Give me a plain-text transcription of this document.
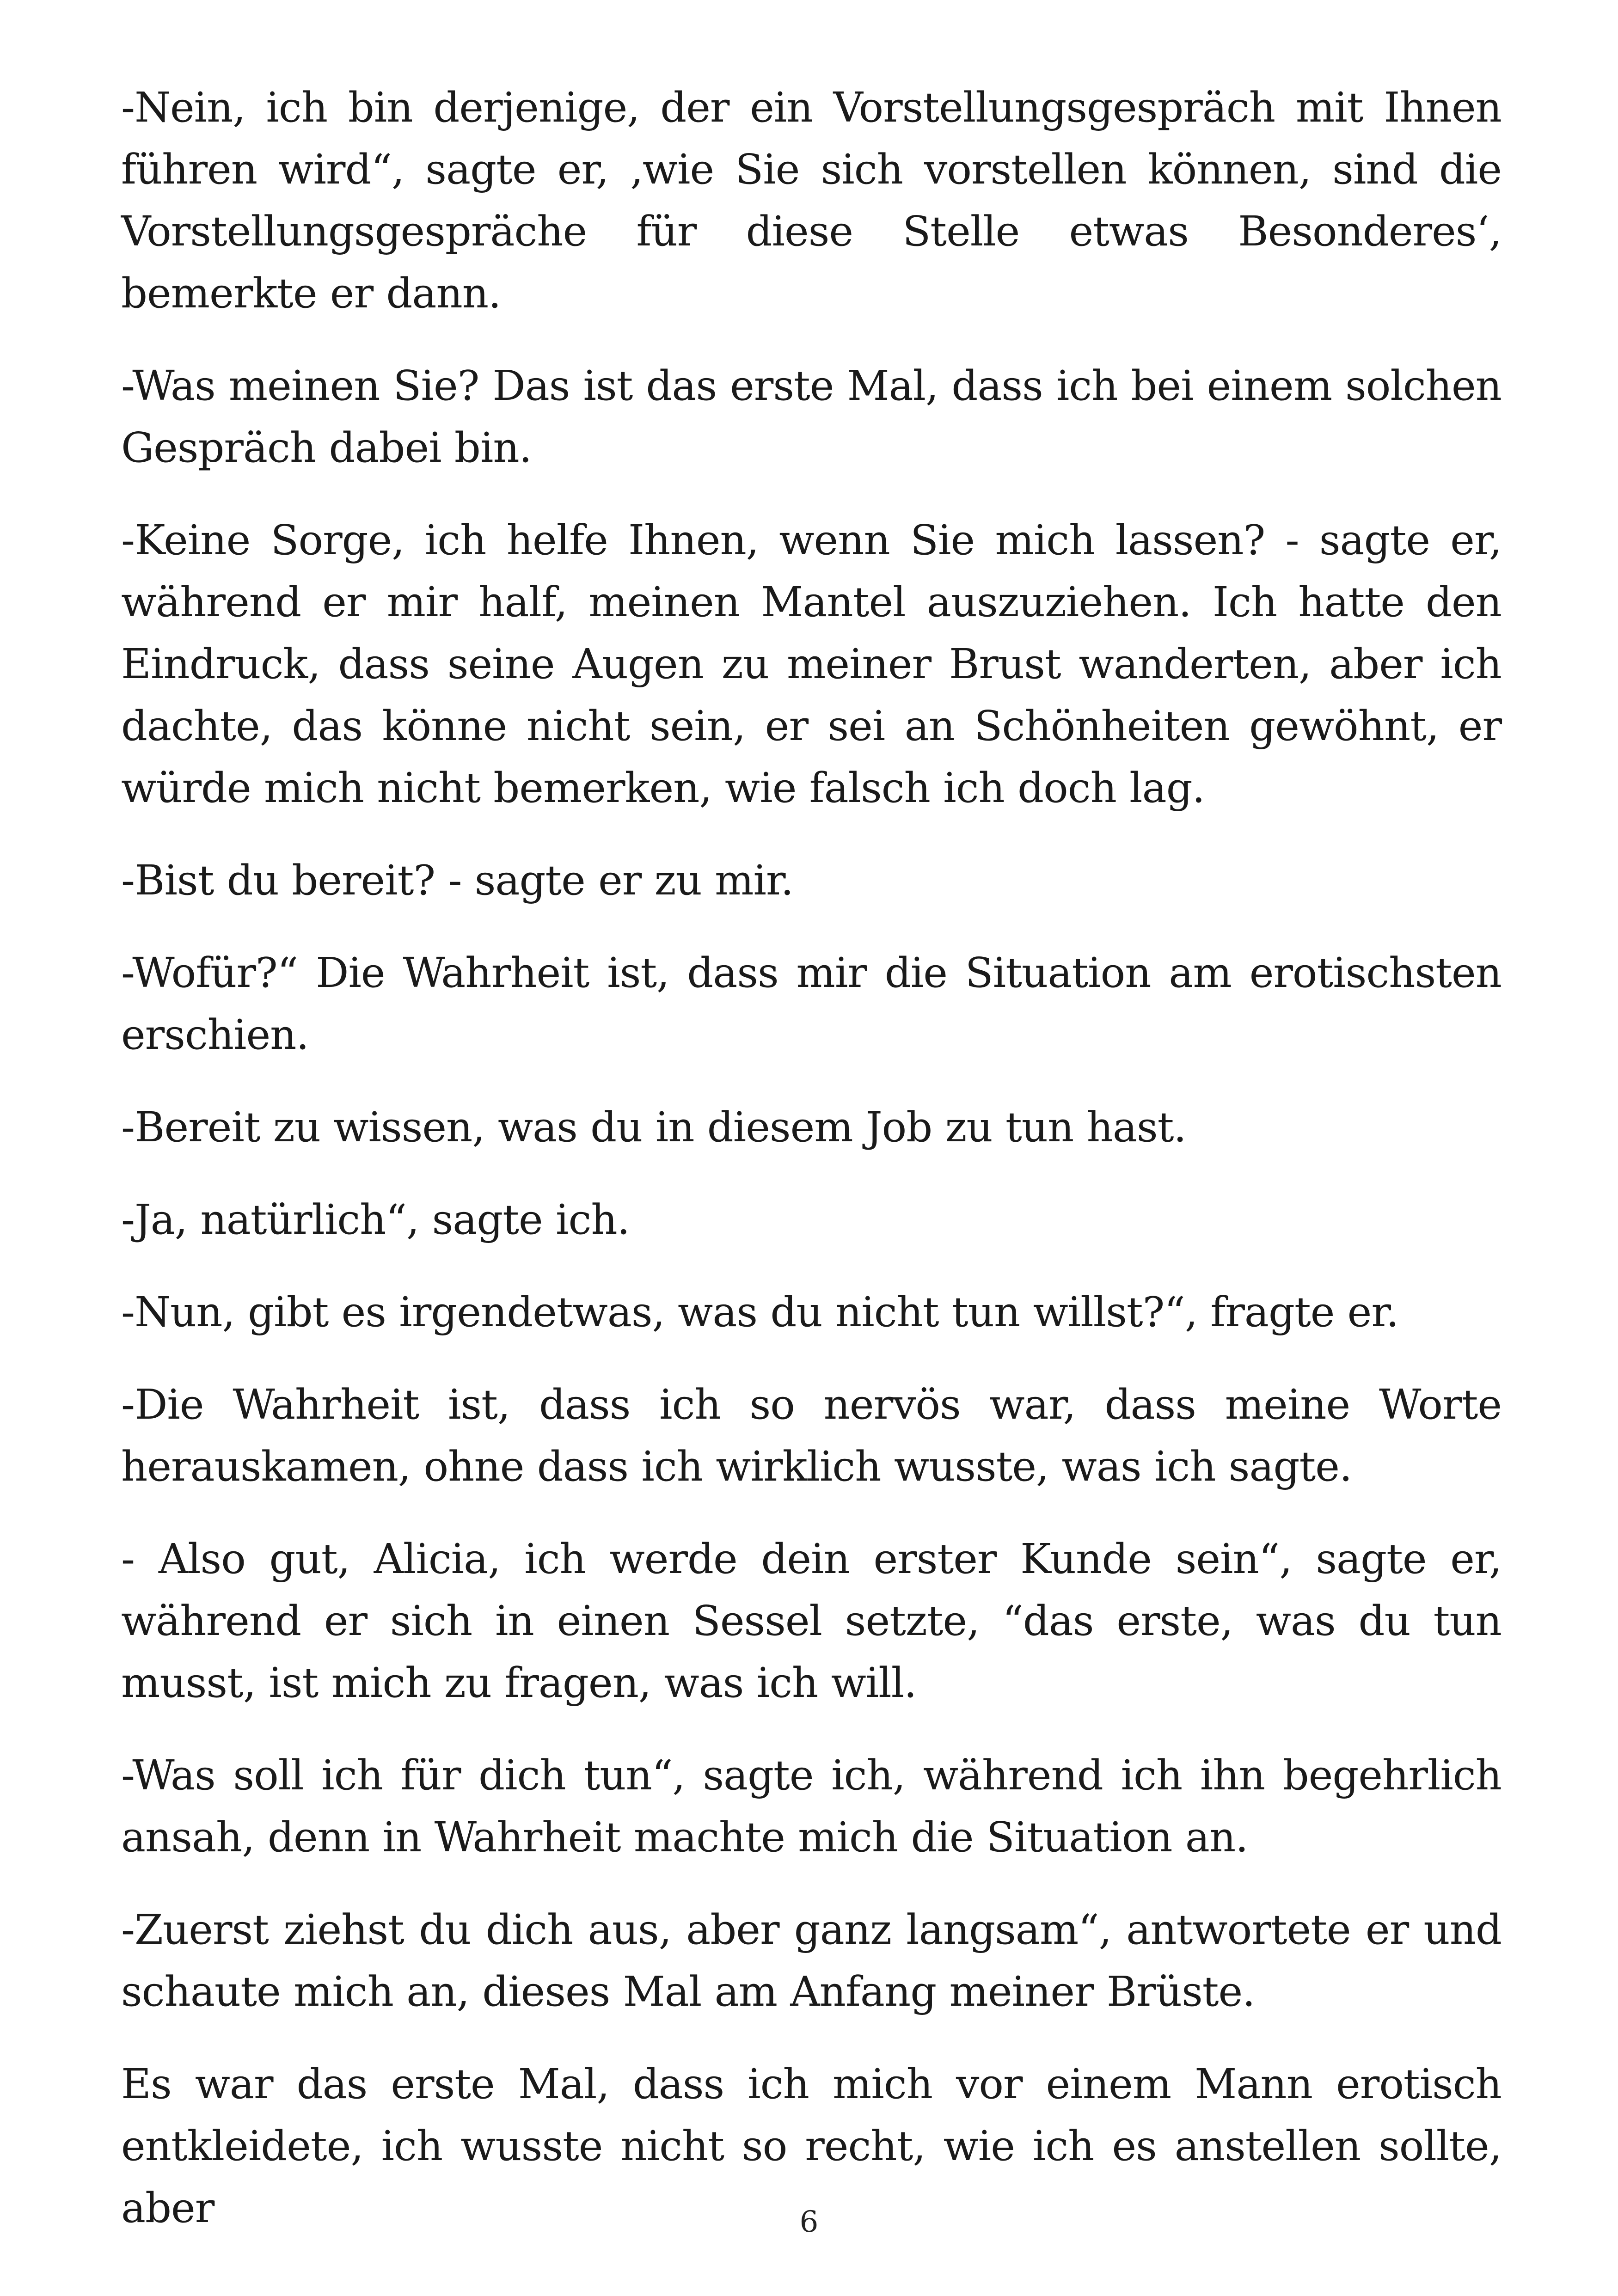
-Nein, ich bin derjenige, der ein Vorstellungsgespräch mit Ihnen führen wird“, sagte er, ‚wie Sie sich vorstellen können, sind die Vorstellungsgespräche für diese Stelle etwas Besonderes‘, bemerkte er dann.

-Was meinen Sie? Das ist das erste Mal, dass ich bei einem solchen Gespräch dabei bin.

-Keine Sorge, ich helfe Ihnen, wenn Sie mich lassen? - sagte er, während er mir half, meinen Mantel auszuziehen. Ich hatte den Eindruck, dass seine Augen zu meiner Brust wanderten, aber ich dachte, das könne nicht sein, er sei an Schönheiten gewöhnt, er würde mich nicht bemerken, wie falsch ich doch lag.

-Bist du bereit? - sagte er zu mir.

-Wofür?“ Die Wahrheit ist, dass mir die Situation am erotischsten erschien.

-Bereit zu wissen, was du in diesem Job zu tun hast.

-Ja, natürlich“, sagte ich.

-Nun, gibt es irgendetwas, was du nicht tun willst?“, fragte er.

-Die Wahrheit ist, dass ich so nervös war, dass meine Worte herauskamen, ohne dass ich wirklich wusste, was ich sagte.

- Also gut, Alicia, ich werde dein erster Kunde sein“, sagte er, während er sich in einen Sessel setzte, “das erste, was du tun musst, ist mich zu fragen, was ich will.

-Was soll ich für dich tun“, sagte ich, während ich ihn begehrlich ansah, denn in Wahrheit machte mich die Situation an.

-Zuerst ziehst du dich aus, aber ganz langsam“, antwortete er und schaute mich an, dieses Mal am Anfang meiner Brüste.

Es war das erste Mal, dass ich mich vor einem Mann erotisch entkleidete, ich wusste nicht so recht, wie ich es anstellen sollte, aber	6
